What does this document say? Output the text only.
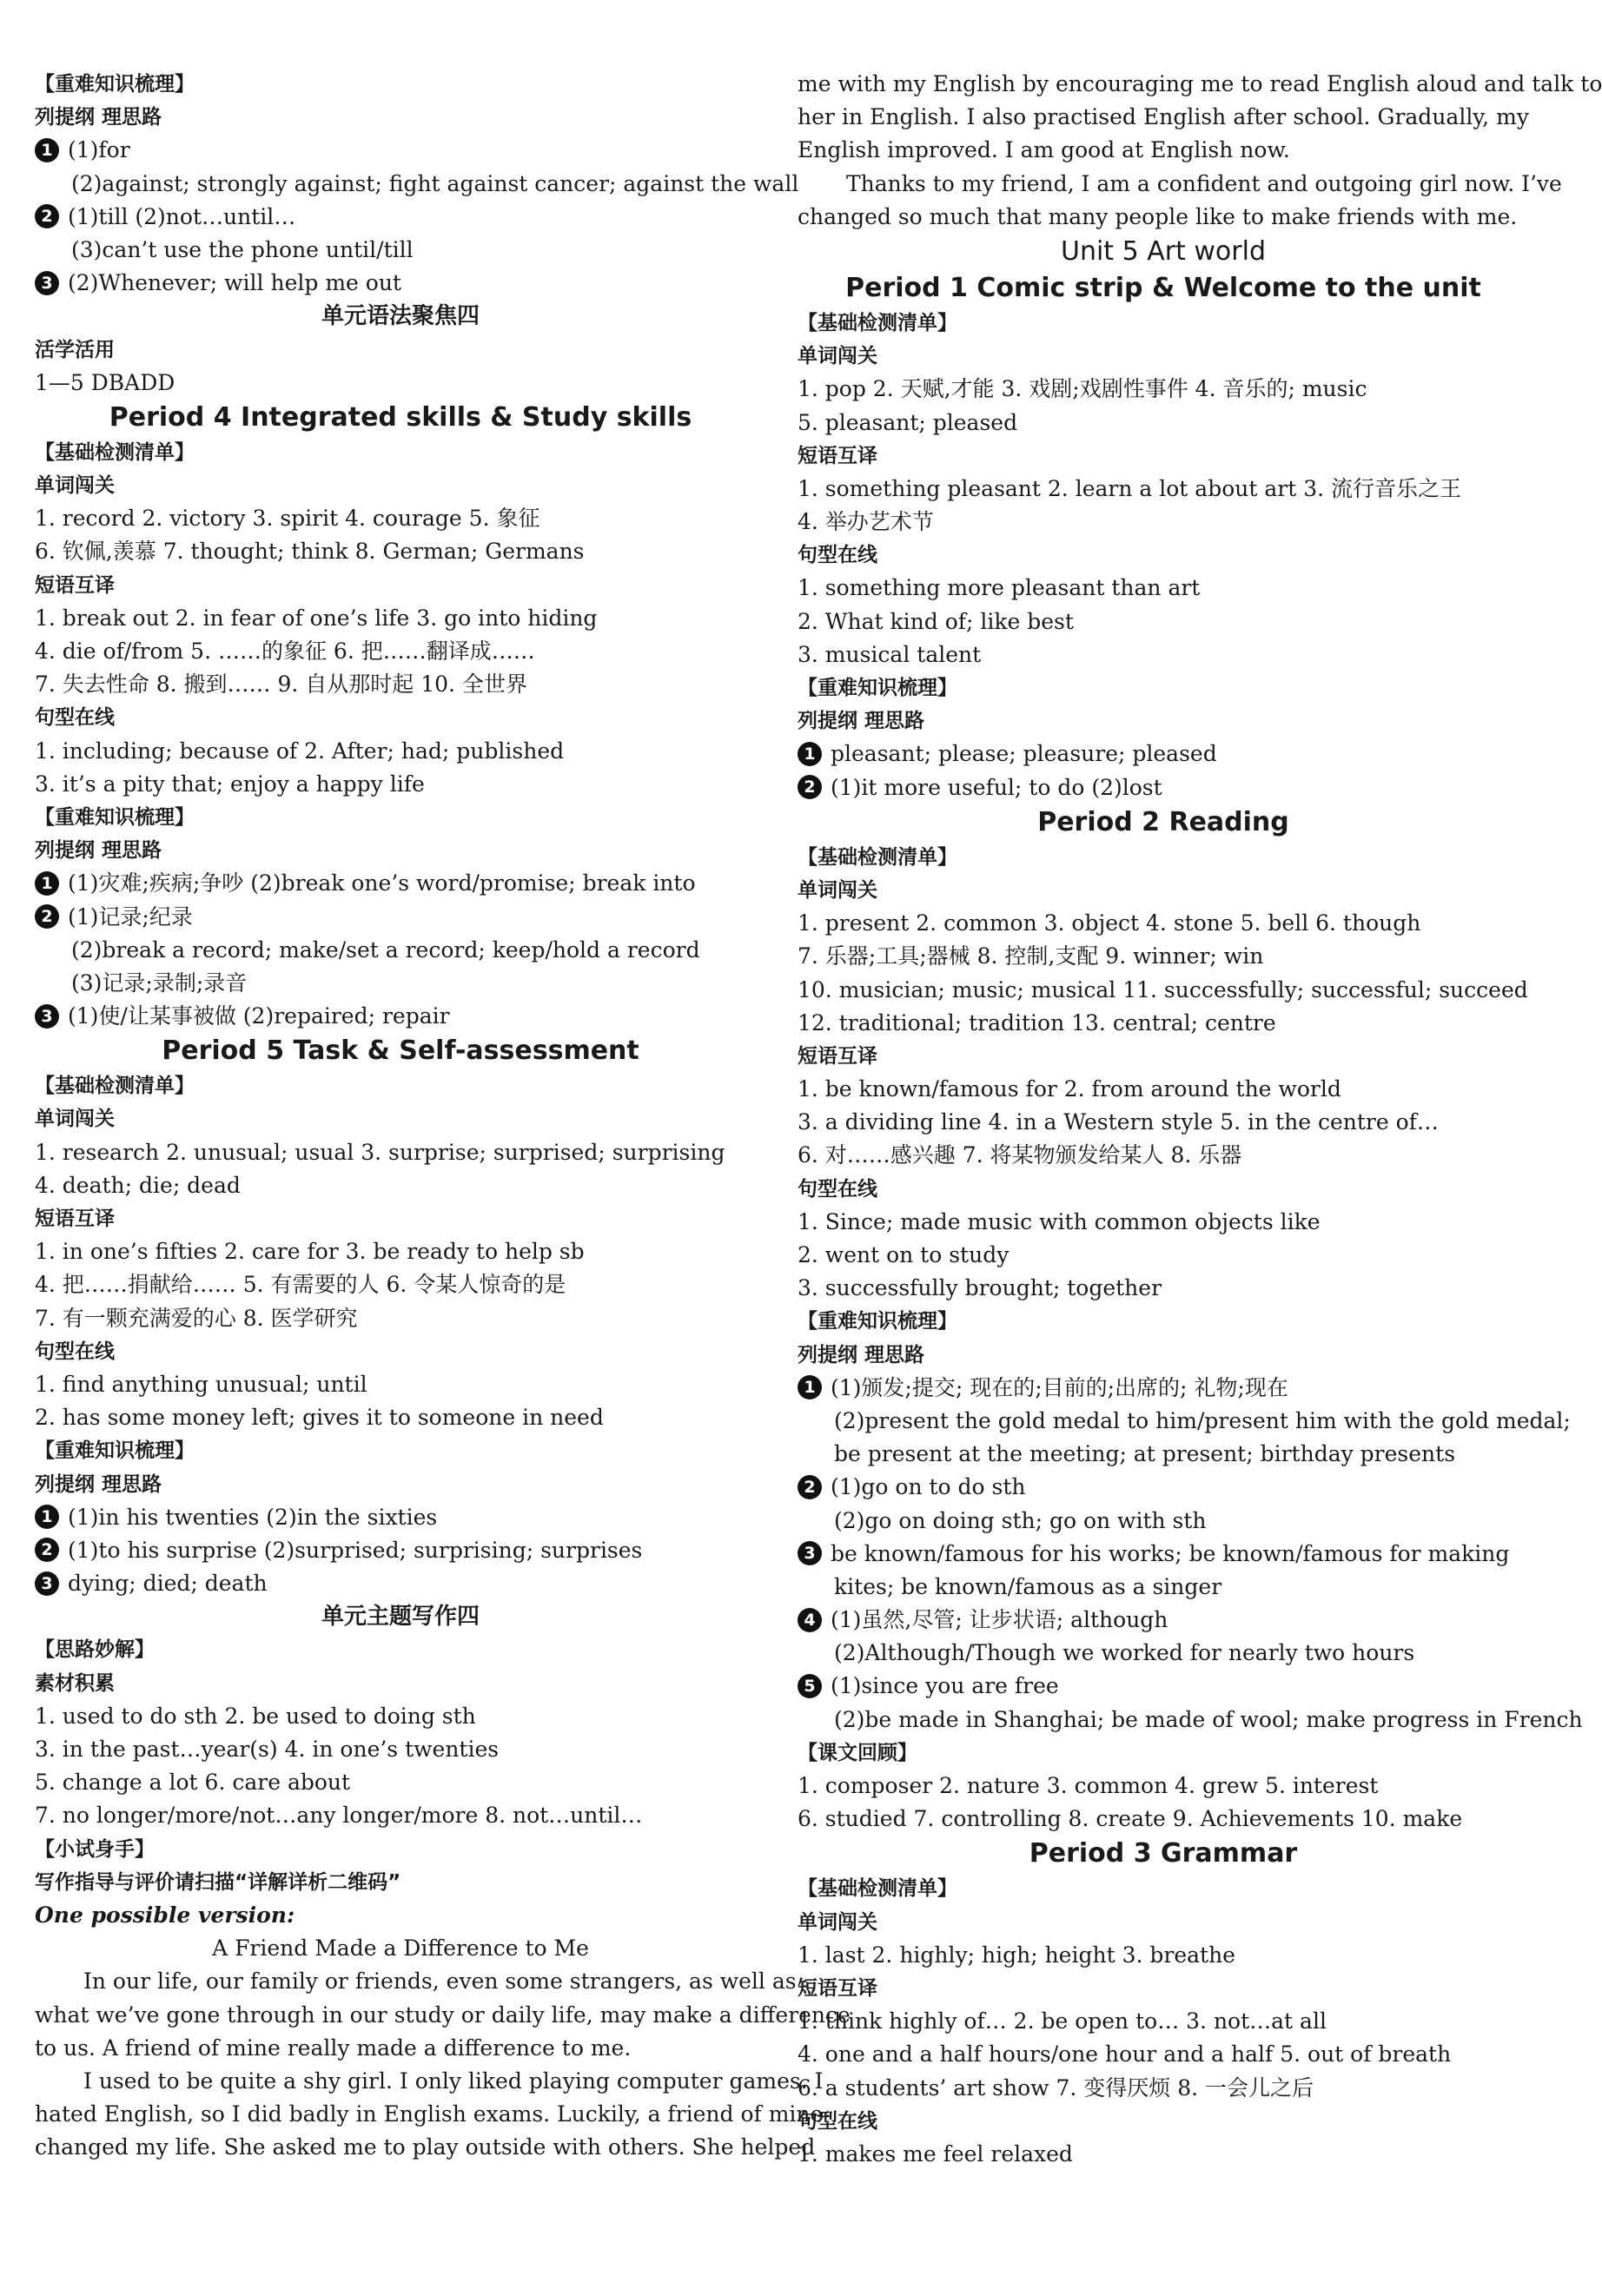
【重难知识梳理】
列提纲 理思路
1 (1)for
(2)against; strongly against; fight against cancer; against the wall
2 (1)till (2)not…until…
(3)can’t use the phone until/till
3 (2)Whenever; will help me out
单元语法聚焦四
活学活用
1—5 DBADD
Period 4 Integrated skills & Study skills
【基础检测清单】
单词闯关
1. record 2. victory 3. spirit 4. courage 5. 象征
6. 钦佩,羡慕 7. thought; think 8. German; Germans
短语互译
1. break out 2. in fear of one’s life 3. go into hiding
4. die of/from 5. ……的象征 6. 把……翻译成……
7. 失去性命 8. 搬到…… 9. 自从那时起 10. 全世界
句型在线
1. including; because of 2. After; had; published
3. it’s a pity that; enjoy a happy life
【重难知识梳理】
列提纲 理思路
1 (1)灾难;疾病;争吵 (2)break one’s word/promise; break into
2 (1)记录;纪录
(2)break a record; make/set a record; keep/hold a record
(3)记录;录制;录音
3 (1)使/让某事被做 (2)repaired; repair
Period 5 Task & Self-assessment
【基础检测清单】
单词闯关
1. research 2. unusual; usual 3. surprise; surprised; surprising
4. death; die; dead
短语互译
1. in one’s fifties 2. care for 3. be ready to help sb
4. 把……捐献给…… 5. 有需要的人 6. 令某人惊奇的是
7. 有一颗充满爱的心 8. 医学研究
句型在线
1. find anything unusual; until
2. has some money left; gives it to someone in need
【重难知识梳理】
列提纲 理思路
1 (1)in his twenties (2)in the sixties
2 (1)to his surprise (2)surprised; surprising; surprises
3 dying; died; death
单元主题写作四
【思路妙解】
素材积累
1. used to do sth 2. be used to doing sth
3. in the past…year(s) 4. in one’s twenties
5. change a lot 6. care about
7. no longer/more/not…any longer/more 8. not…until…
【小试身手】
写作指导与评价请扫描“详解详析二维码”
One possible version:
A Friend Made a Difference to Me
In our life, our family or friends, even some strangers, as well as
what we’ve gone through in our study or daily life, may make a difference
to us. A friend of mine really made a difference to me.
I used to be quite a shy girl. I only liked playing computer games. I
hated English, so I did badly in English exams. Luckily, a friend of mine
changed my life. She asked me to play outside with others. She helped
me with my English by encouraging me to read English aloud and talk to
her in English. I also practised English after school. Gradually, my
English improved. I am good at English now.
Thanks to my friend, I am a confident and outgoing girl now. I’ve
changed so much that many people like to make friends with me.
Unit 5 Art world
Period 1 Comic strip & Welcome to the unit
【基础检测清单】
单词闯关
1. pop 2. 天赋,才能 3. 戏剧;戏剧性事件 4. 音乐的; music
5. pleasant; pleased
短语互译
1. something pleasant 2. learn a lot about art 3. 流行音乐之王
4. 举办艺术节
句型在线
1. something more pleasant than art
2. What kind of; like best
3. musical talent
【重难知识梳理】
列提纲 理思路
1 pleasant; please; pleasure; pleased
2 (1)it more useful; to do (2)lost
Period 2 Reading
【基础检测清单】
单词闯关
1. present 2. common 3. object 4. stone 5. bell 6. though
7. 乐器;工具;器械 8. 控制,支配 9. winner; win
10. musician; music; musical 11. successfully; successful; succeed
12. traditional; tradition 13. central; centre
短语互译
1. be known/famous for 2. from around the world
3. a dividing line 4. in a Western style 5. in the centre of…
6. 对……感兴趣 7. 将某物颁发给某人 8. 乐器
句型在线
1. Since; made music with common objects like
2. went on to study
3. successfully brought; together
【重难知识梳理】
列提纲 理思路
1 (1)颁发;提交; 现在的;目前的;出席的; 礼物;现在
(2)present the gold medal to him/present him with the gold medal;
be present at the meeting; at present; birthday presents
2 (1)go on to do sth
(2)go on doing sth; go on with sth
3 be known/famous for his works; be known/famous for making
kites; be known/famous as a singer
4 (1)虽然,尽管; 让步状语; although
(2)Although/Though we worked for nearly two hours
5 (1)since you are free
(2)be made in Shanghai; be made of wool; make progress in French
【课文回顾】
1. composer 2. nature 3. common 4. grew 5. interest
6. studied 7. controlling 8. create 9. Achievements 10. make
Period 3 Grammar
【基础检测清单】
单词闯关
1. last 2. highly; high; height 3. breathe
短语互译
1. think highly of… 2. be open to… 3. not…at all
4. one and a half hours/one hour and a half 5. out of breath
6. a students’ art show 7. 变得厌烦 8. 一会儿之后
句型在线
1. makes me feel relaxed
